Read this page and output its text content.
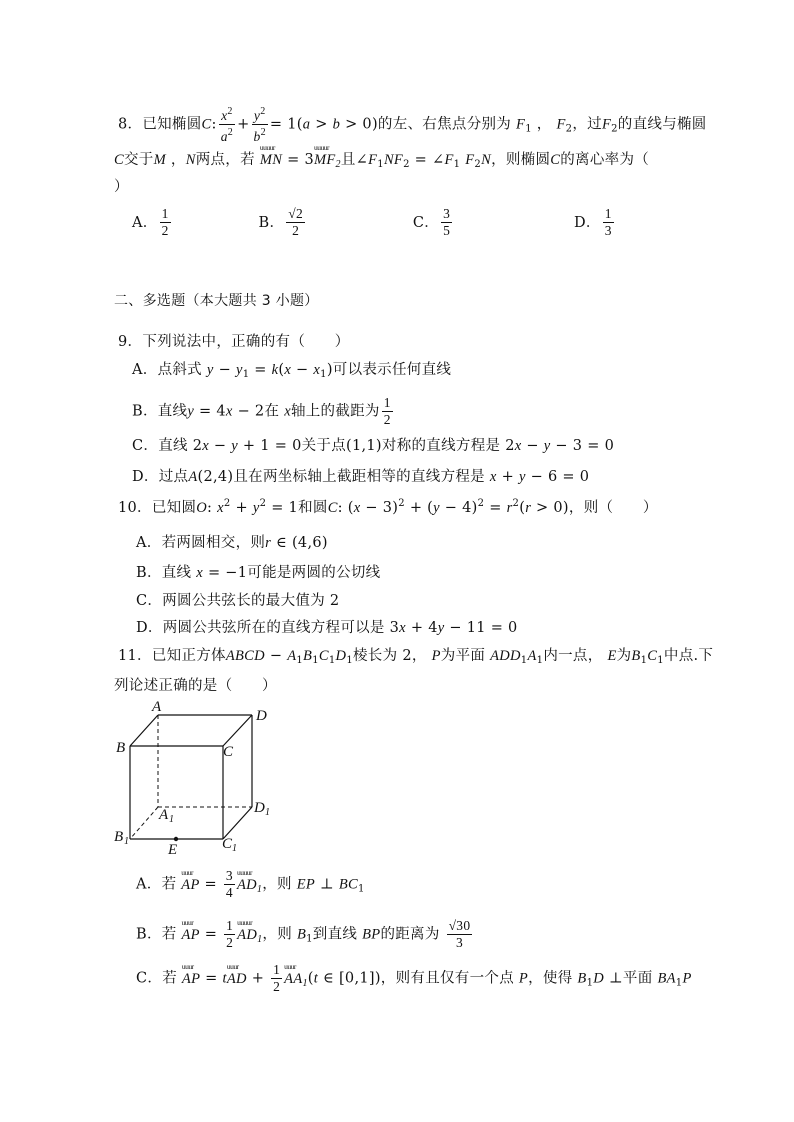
8．已知椭圆C: $\frac{x^2}{a^2} + \frac{y^2}{b^2} = 1(a > b > 0)$的左、右焦点分别为 $F_1$ ， $F_2$，过$F_2$的直线与椭圆
C交于M ，N两点，若 uuuur MN = 3uuuur $MF_2$且$\angle F_1NF_2$ = $\angle F_1$ $F_2N$，则椭圆C的离心率为（
）
A． $\frac{1}{2}$	B． $\frac{√2}{2}$	C． $\frac{3}{5}$	D． $\frac{1}{3}$
二、多选题（本大题共 3 小题）
9．下列说法中，正确的有（　　）
A．点斜式 $y - y_1 = k(x - x_1)$可以表示任何直线
B．直线y = 4x − 2在 x轴上的截距为 $\frac{1}{2}$
C．直线 2x − y + 1 = 0关于点(1,1)对称的直线方程是 2x − y − 3 = 0
D．过点A(2,4)且在两坐标轴上截距相等的直线方程是 x + y − 6 = 0
10．已知圆O: $x^2 + y^2 = 1$和圆C: $(x - 3)^2 + (y - 4)^2 = r^2(r > 0)$，则（　　）
A．若两圆相交，则r ∈ (4,6)
B．直线 x = −1可能是两圆的公切线
C．两圆公共弦长的最大值为 2
D．两圆公共弦所在的直线方程可以是 3x + 4y − 11 = 0
11．已知正方体ABCD − $A_1B_1C_1D_1$棱长为 2， P为平面 $ADD_1A_1$内一点， E为$B_1C_1$中点.下
列论述正确的是（　　）
A
D
B	C
A 1
D 1
B 1	C 1
E
A．若 uuur AP = $\frac{3}{4}$ uuuur $AD_1$，则 EP ⊥ $BC_1$
B．若 uuur AP = $\frac{1}{2}$ uuuur $AD_1$，则 $B_1$到直线 BP的距离为 $\frac{√30}{3}$
C．若 uuur AP = tuuur AD + $\frac{1}{2}$ uuur $AA_1(t$ ∈ [0,1])，则有且仅有一个点 P，使得 $B_1D$ ⊥平面 $BA_1P$
